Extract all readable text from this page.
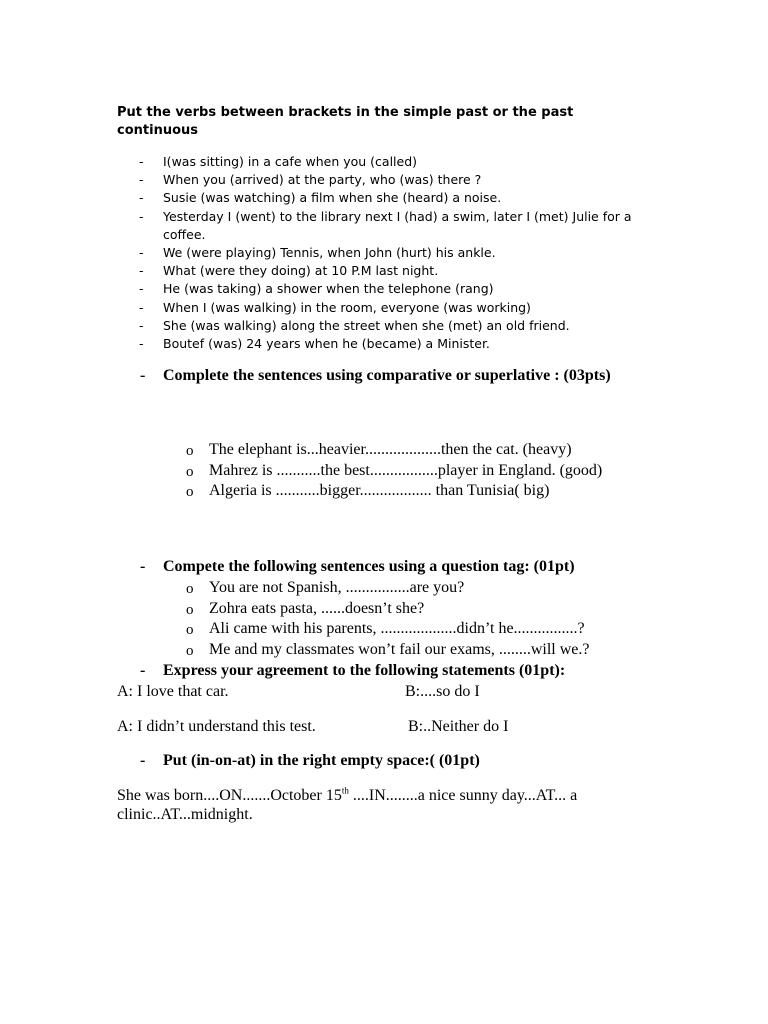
Put the verbs between brackets in the simple past or the past continuous
- I(was sitting) in a cafe when you (called)
- When you (arrived) at the party, who (was) there ?
- Susie (was watching) a film when she (heard) a noise.
- Yesterday I (went) to the library next I (had) a swim, later I (met) Julie for a coffee.
- We (were playing) Tennis, when John (hurt) his ankle.
- What (were they doing) at 10 P.M last night.
- He (was taking) a shower when the telephone (rang)
- When I (was walking) in the room, everyone (was working)
- She (was walking) along the street when she (met) an old friend.
- Boutef (was) 24 years when he (became) a Minister.
-	Complete the sentences using comparative or superlative : (03pts)
o The elephant is...heavier...................then the cat. (heavy)
o Mahrez is ...........the best.................player in England. (good)
o Algeria is ...........bigger.................. than Tunisia( big)
-	Compete the following sentences using a question tag: (01pt)
o You are not Spanish, ................are you?
o Zohra eats pasta, ......doesn’t she?
o Ali came with his parents, ...................didn’t he................?
o Me and my classmates won’t fail our exams, ........will we.?
-	Express your agreement to the following statements (01pt):
A: I love that car.	B:....so do I
A: I didn’t understand this test.	B:..Neither do I
-	Put (in-on-at) in the right empty space:( (01pt)
She was born....ON.......October 15th ....IN........a nice sunny day...AT... a clinic..AT...midnight.
